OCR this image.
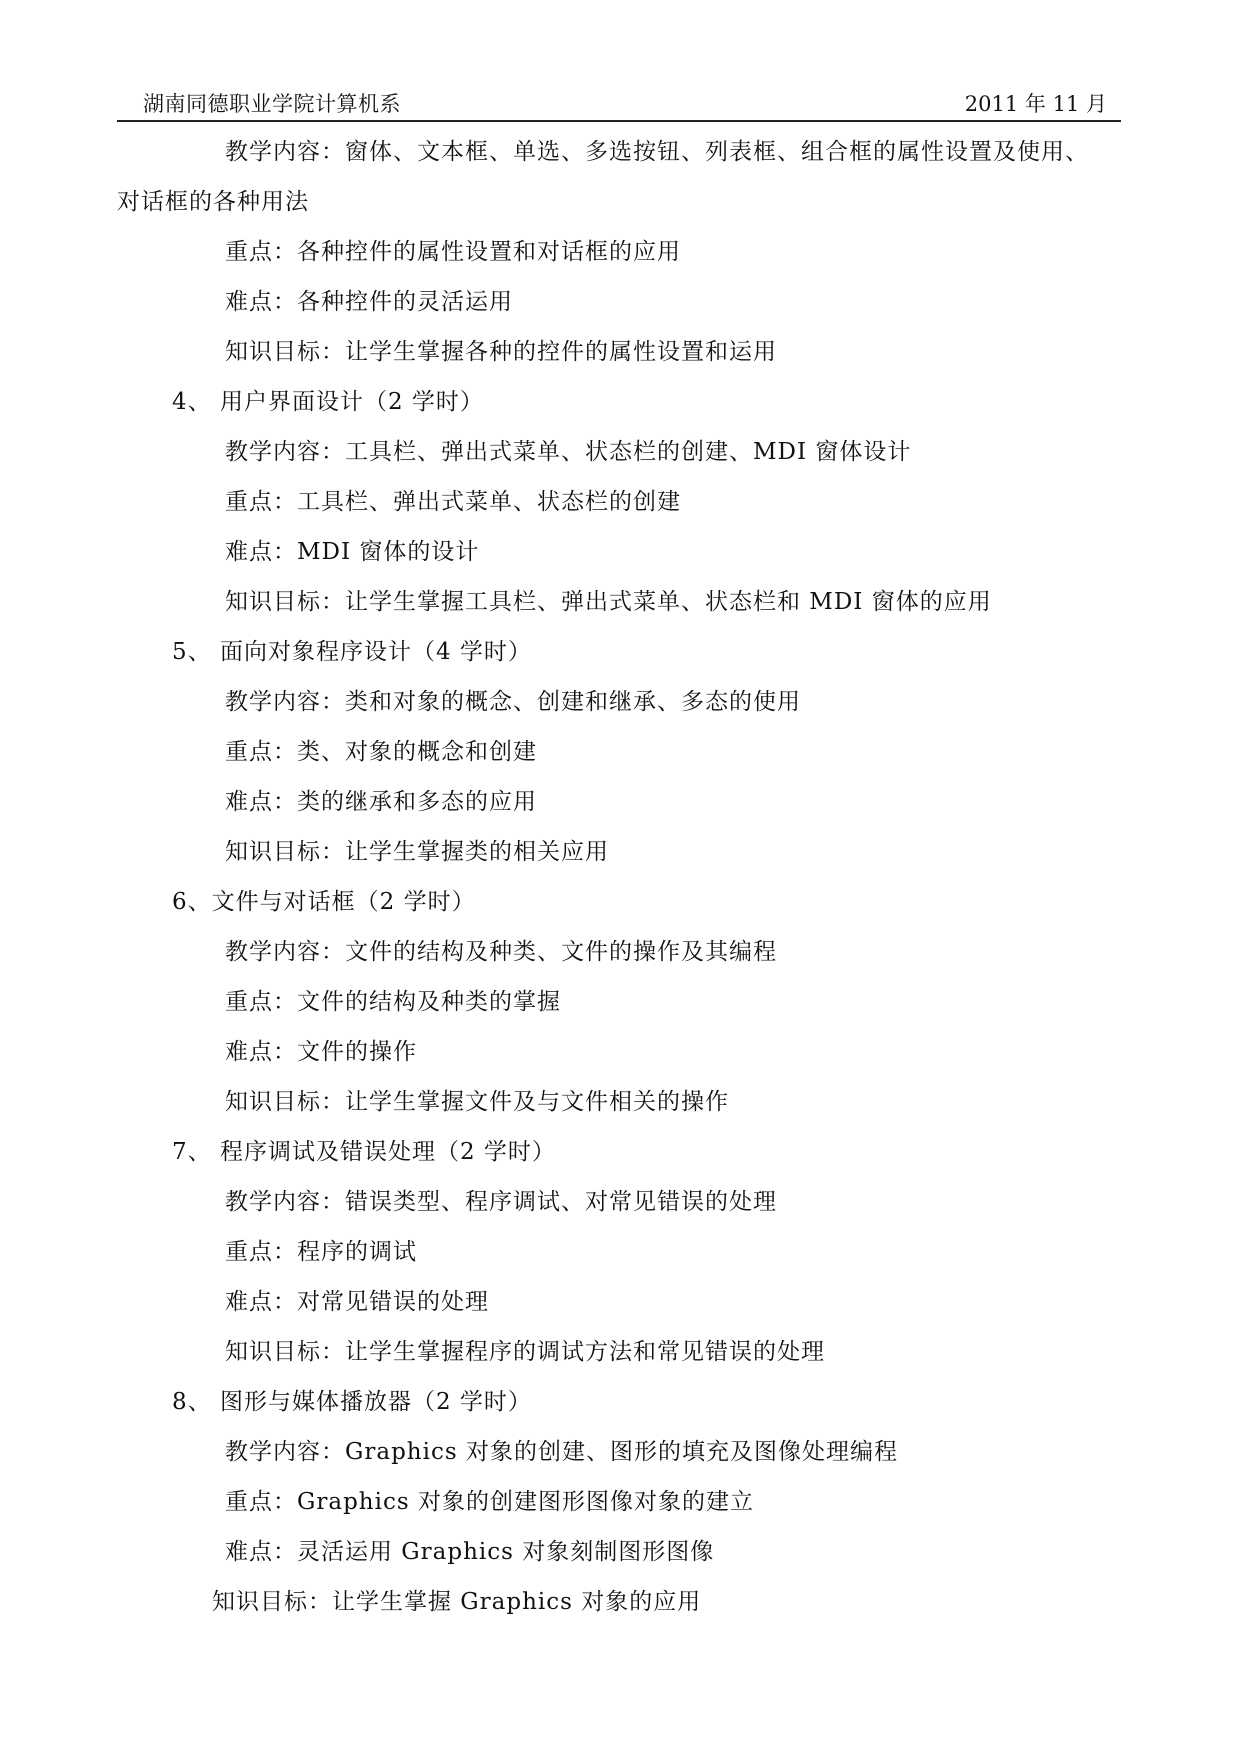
湖南同德职业学院计算机系	2011 年 11 月
教学内容：窗体、文本框、单选、多选按钮、列表框、组合框的属性设置及使用、
对话框的各种用法
重点：各种控件的属性设置和对话框的应用
难点：各种控件的灵活运用
知识目标：让学生掌握各种的控件的属性设置和运用
4、 用户界面设计（2 学时）
教学内容：工具栏、弹出式菜单、状态栏的创建、MDI 窗体设计
重点：工具栏、弹出式菜单、状态栏的创建
难点：MDI 窗体的设计
知识目标：让学生掌握工具栏、弹出式菜单、状态栏和 MDI 窗体的应用
5、 面向对象程序设计（4 学时）
教学内容：类和对象的概念、创建和继承、多态的使用
重点：类、对象的概念和创建
难点：类的继承和多态的应用
知识目标：让学生掌握类的相关应用
6、文件与对话框（2 学时）
教学内容：文件的结构及种类、文件的操作及其编程
重点：文件的结构及种类的掌握
难点：文件的操作
知识目标：让学生掌握文件及与文件相关的操作
7、 程序调试及错误处理（2 学时）
教学内容：错误类型、程序调试、对常见错误的处理
重点：程序的调试
难点：对常见错误的处理
知识目标：让学生掌握程序的调试方法和常见错误的处理
8、 图形与媒体播放器（2 学时）
教学内容：Graphics 对象的创建、图形的填充及图像处理编程
重点：Graphics 对象的创建图形图像对象的建立
难点：灵活运用 Graphics 对象刻制图形图像
知识目标：让学生掌握 Graphics 对象的应用
